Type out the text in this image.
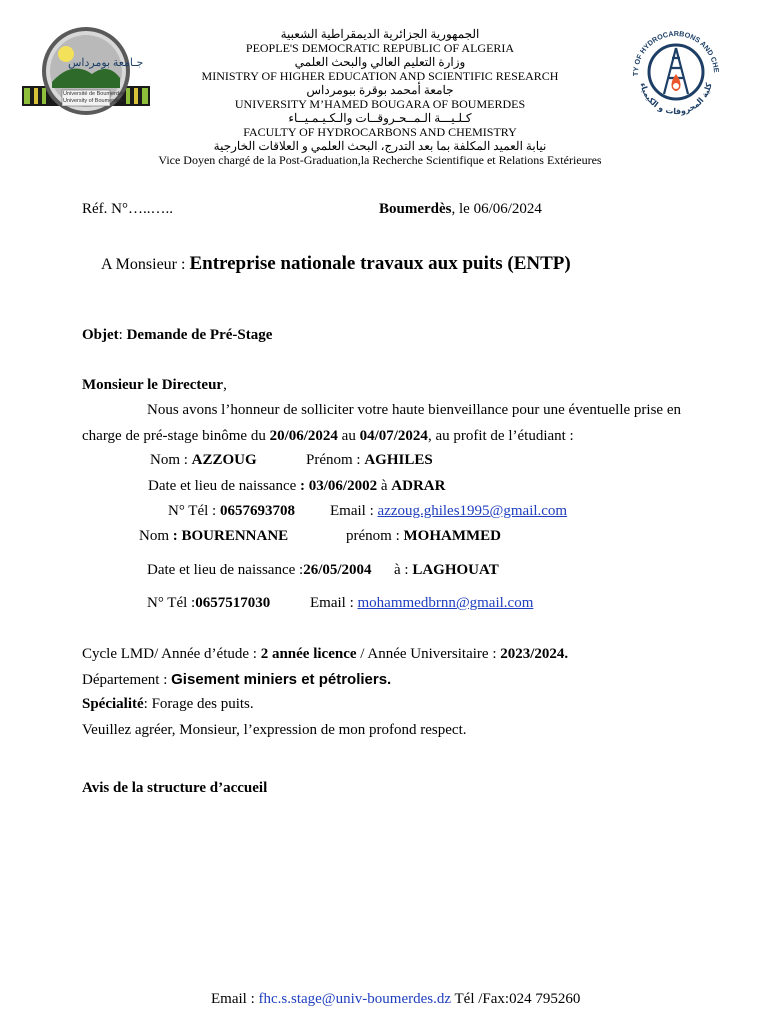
جـامعة بومرداس
Université de Boumerdes
University of Boumerdes
TY OF HYDROCARBONS AND CHE
كلية المحروقات و الكيمياء
الجمهورية الجزائرية الديمقراطية الشعبية
PEOPLE'S DEMOCRATIC REPUBLIC OF ALGERIA
وزارة التعليم العالي والبحث العلمي
MINISTRY OF HIGHER EDUCATION AND SCIENTIFIC RESEARCH
جامعة أمحمد بوقرة ببومرداس
UNIVERSITY M’HAMED BOUGARA OF BOUMERDES
كـلـيـــة الـمــحـروقــات والـكـيـمـيــاء
FACULTY OF HYDROCARBONS AND CHEMISTRY
نيابة العميد المكلفة بما بعد التدرج، البحث العلمي و العلاقات الخارجية
Vice Doyen chargé de la Post-Graduation,la Recherche Scientifique et Relations Extérieures
Réf. N°…..…..	Boumerdès, le 06/06/2024
A Monsieur : Entreprise nationale travaux aux puits (ENTP)
Objet: Demande de Pré-Stage
Monsieur le Directeur,
Nous avons l’honneur de solliciter votre haute bienveillance pour une éventuelle prise en
charge de pré-stage binôme du 20/06/2024 au 04/07/2024, au profit de l’étudiant :
Nom : AZZOUG	Prénom : AGHILES
Date et lieu de naissance : 03/06/2002 à ADRAR
N° Tél : 0657693708 Email : azzoug.ghiles1995@gmail.com
Nom : BOURENNANE	prénom : MOHAMMED
Date et lieu de naissance :26/05/2004 à : LAGHOUAT
N° Tél :0657517030	Email : mohammedbrnn@gmail.com
Cycle LMD/ Année d’étude : 2 année licence / Année Universitaire : 2023/2024.
Département : Gisement miniers et pétroliers.
Spécialité: Forage des puits.
Veuillez agréer, Monsieur, l’expression de mon profond respect.
Avis de la structure d’accueil
Email : fhc.s.stage@univ-boumerdes.dz Tél /Fax:024 795260
